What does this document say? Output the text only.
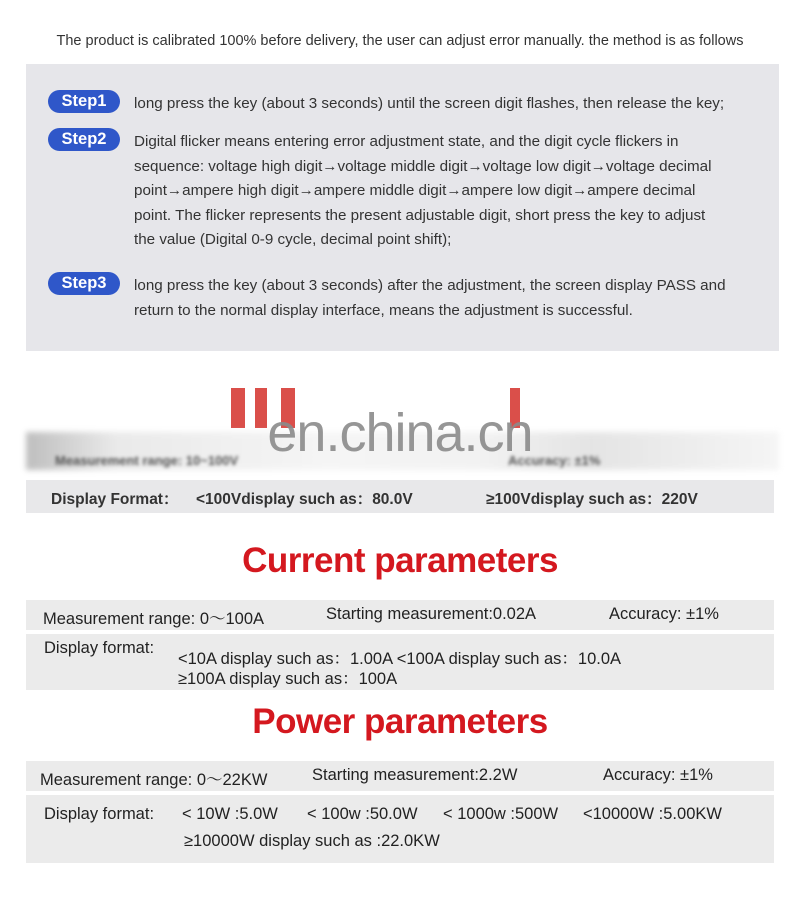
The product is calibrated 100% before delivery, the user can adjust error manually. the method is as follows
Step1	long press the key (about 3 seconds) until the screen digit flashes, then release the key;
Step2	Digital flicker means entering error adjustment state, and the digit cycle flickers in
sequence: voltage high digit→voltage middle digit→voltage low digit→voltage decimal
point→ampere high digit→ampere middle digit→ampere low digit→ampere decimal
point. The flicker represents the present adjustable digit, short press the key to adjust
the value (Digital 0-9 cycle, decimal point shift);
Step3	long press the key (about 3 seconds) after the adjustment, the screen display PASS and
return to the normal display interface, means the adjustment is successful.
en.china.cn
Measurement range: 10~100V	Accuracy: ±1%
Display Format： <100Vdisplay such as：80.0V	≥100Vdisplay such as：220V
Current parameters
Measurement range: 0～100A	Starting measurement:0.02A	Accuracy: ±1%
Display format:
<10A display such as：1.00A <100A display such as：10.0A
≥100A display such as：100A
Power parameters
Measurement range: 0～22KW	Starting measurement:2.2W	Accuracy: ±1%
Display format: < 10W :5.0W < 100w :50.0W < 1000w :500W <10000W :5.00KW
≥10000W display such as :22.0KW
